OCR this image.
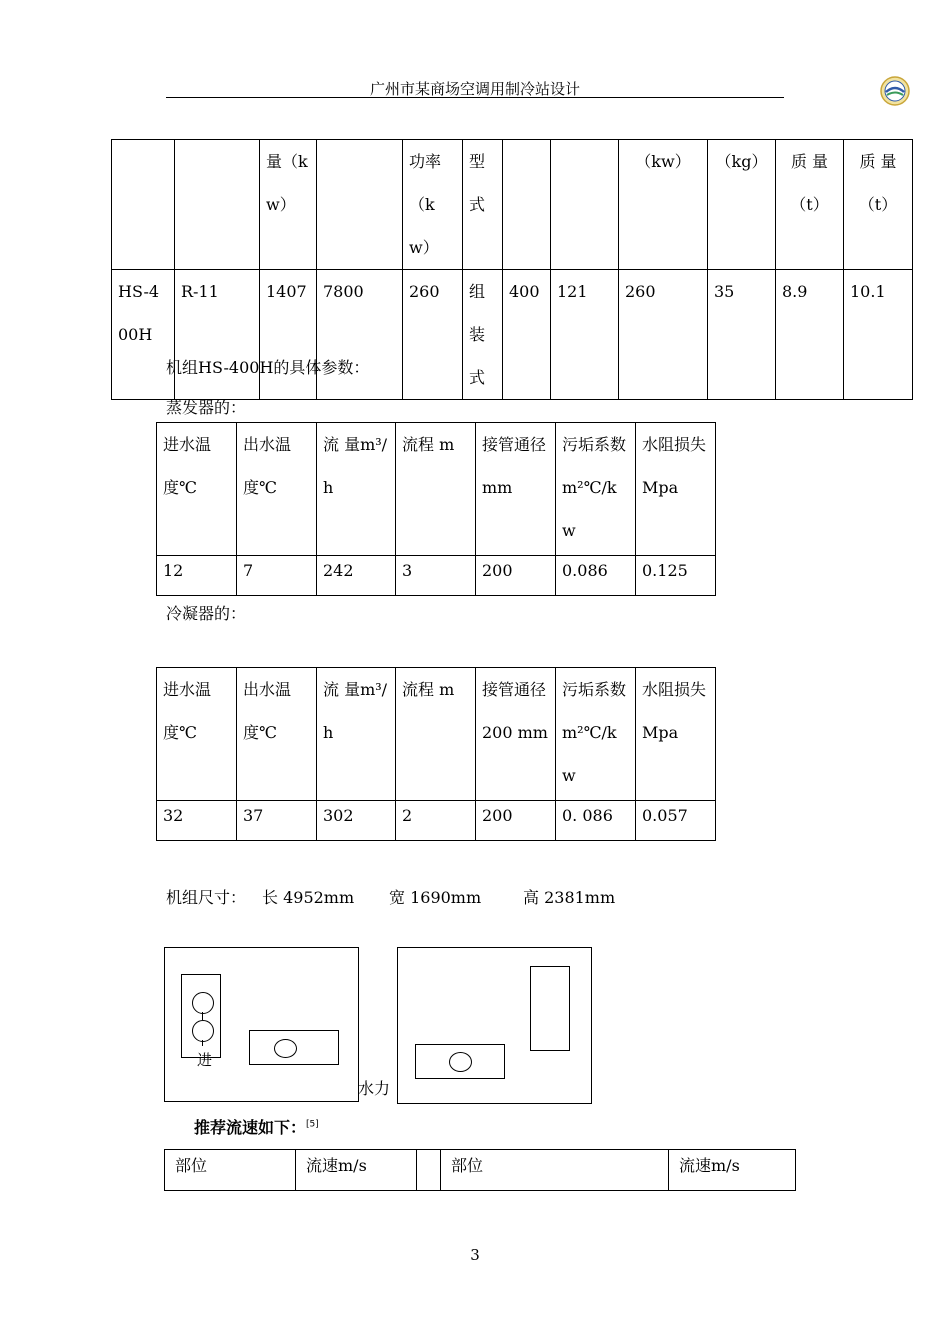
广州市某商场空调用制冷站设计
		量（kw）		功率（kw）	型式			（kw）	（kg）	质 量（t）	质 量（t）
HS-400H	R-11	1407	7800	260	组装式	400	121	260	35	8.9	10.1
机组HS-400H的具体参数：
蒸发器的：
进水温度℃	出水温度℃	流 量m³/h	流程 m	接管通径 mm	污垢系数m²℃/kw	水阻损失Mpa
12	7	242	3	200	0.086	0.125
冷凝器的：
进水温度℃	出水温度℃	流 量m³/h	流程 m	接管通径 200 mm	污垢系数m²℃/kw	水阻损失Mpa
32	37	302	2	200	0. 086	0.057
机组尺寸： 长 4952mm 宽 1690mm	高 2381mm
进
水力
推荐流速如下：[5]
部位	流速m/s		部位	流速m/s
3
